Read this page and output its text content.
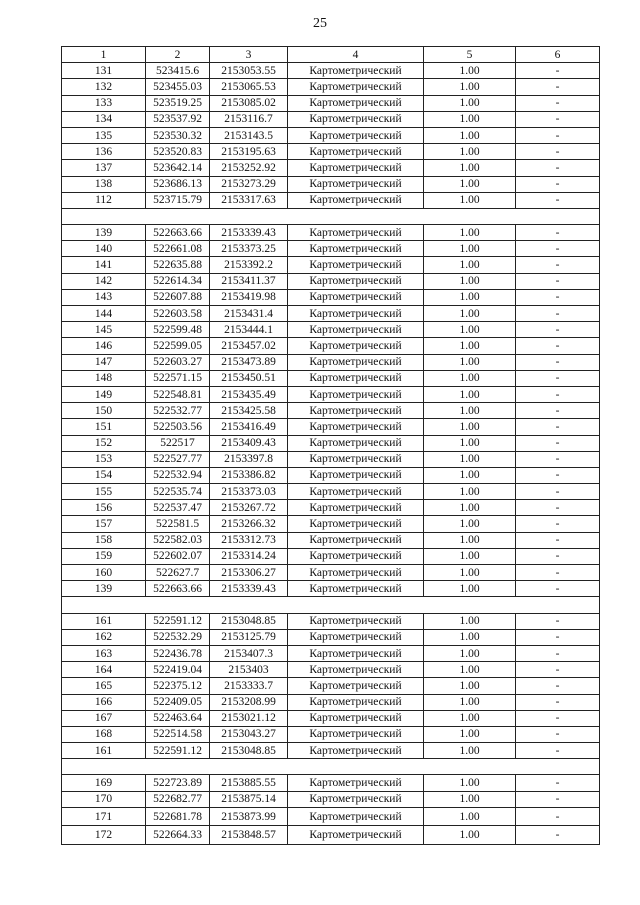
25
1	2	3	4	5	6
131	523415.6	2153053.55	Картометрический	1.00	-
132	523455.03	2153065.53	Картометрический	1.00	-
133	523519.25	2153085.02	Картометрический	1.00	-
134	523537.92	2153116.7	Картометрический	1.00	-
135	523530.32	2153143.5	Картометрический	1.00	-
136	523520.83	2153195.63	Картометрический	1.00	-
137	523642.14	2153252.92	Картометрический	1.00	-
138	523686.13	2153273.29	Картометрический	1.00	-
112	523715.79	2153317.63	Картометрический	1.00	-

139	522663.66	2153339.43	Картометрический	1.00	-
140	522661.08	2153373.25	Картометрический	1.00	-
141	522635.88	2153392.2	Картометрический	1.00	-
142	522614.34	2153411.37	Картометрический	1.00	-
143	522607.88	2153419.98	Картометрический	1.00	-
144	522603.58	2153431.4	Картометрический	1.00	-
145	522599.48	2153444.1	Картометрический	1.00	-
146	522599.05	2153457.02	Картометрический	1.00	-
147	522603.27	2153473.89	Картометрический	1.00	-
148	522571.15	2153450.51	Картометрический	1.00	-
149	522548.81	2153435.49	Картометрический	1.00	-
150	522532.77	2153425.58	Картометрический	1.00	-
151	522503.56	2153416.49	Картометрический	1.00	-
152	522517	2153409.43	Картометрический	1.00	-
153	522527.77	2153397.8	Картометрический	1.00	-
154	522532.94	2153386.82	Картометрический	1.00	-
155	522535.74	2153373.03	Картометрический	1.00	-
156	522537.47	2153267.72	Картометрический	1.00	-
157	522581.5	2153266.32	Картометрический	1.00	-
158	522582.03	2153312.73	Картометрический	1.00	-
159	522602.07	2153314.24	Картометрический	1.00	-
160	522627.7	2153306.27	Картометрический	1.00	-
139	522663.66	2153339.43	Картометрический	1.00	-

161	522591.12	2153048.85	Картометрический	1.00	-
162	522532.29	2153125.79	Картометрический	1.00	-
163	522436.78	2153407.3	Картометрический	1.00	-
164	522419.04	2153403	Картометрический	1.00	-
165	522375.12	2153333.7	Картометрический	1.00	-
166	522409.05	2153208.99	Картометрический	1.00	-
167	522463.64	2153021.12	Картометрический	1.00	-
168	522514.58	2153043.27	Картометрический	1.00	-
161	522591.12	2153048.85	Картометрический	1.00	-

169	522723.89	2153885.55	Картометрический	1.00	-
170	522682.77	2153875.14	Картометрический	1.00	-
171	522681.78	2153873.99	Картометрический	1.00	-
172	522664.33	2153848.57	Картометрический	1.00	-
